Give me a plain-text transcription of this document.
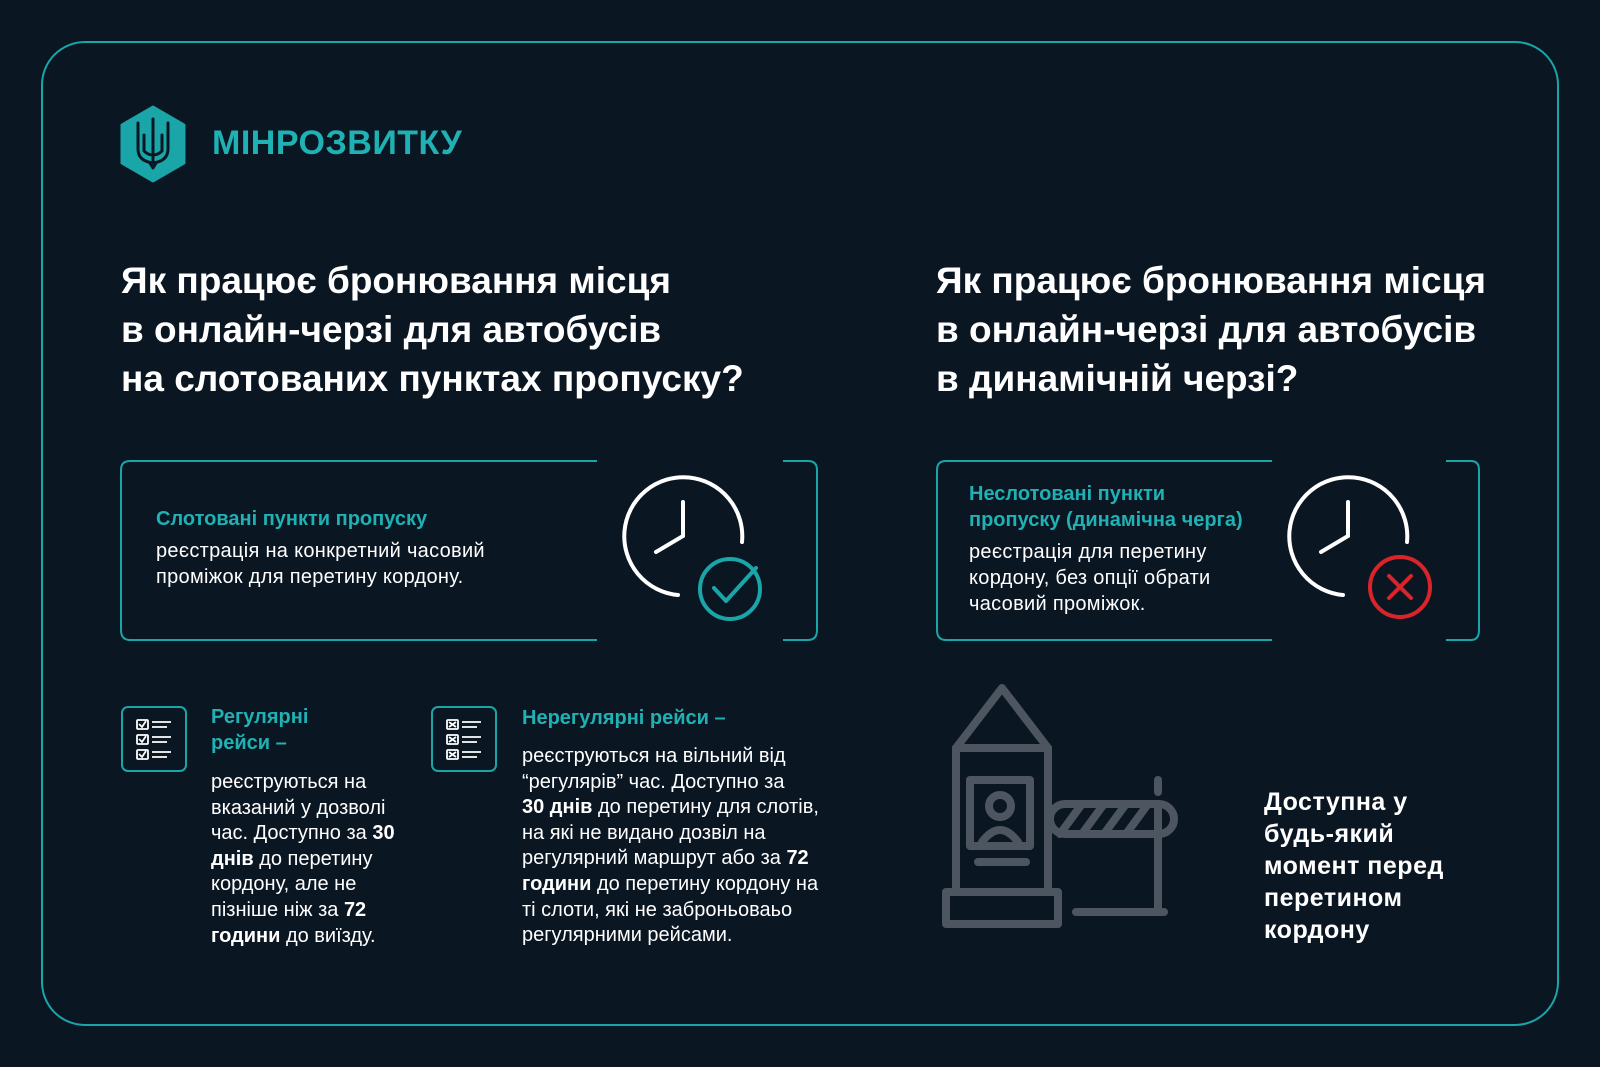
МІНРОЗВИТКУ
Як працює бронювання місця
в онлайн-черзі для автобусів
на слотованих пунктах пропуску?
Як працює бронювання місця
в онлайн-черзі для автобусів
в динамічній черзі?
Слотовані пункти пропуску
реєстрація на конкретний часовий
проміжок для перетину кордону.
Неслотовані пункти
пропуску (динамічна черга)
реєстрація для перетину
кордону, без опції обрати
часовий проміжок.
Регулярні
рейси –
реєструються на
вказаний у дозволі
час. Доступно за 30
днів до перетину
кордону, але не
пізніше ніж за 72
години до виїзду.
Нерегулярні рейси –
реєструються на вільний від
“регулярів” час. Доступно за
30 днів до перетину для слотів,
на які не видано дозвіл на
регулярний маршрут або за 72
години до перетину кордону на
ті слоти, які не заброньоваьо
регулярними рейсами.
Доступна у
будь-який
момент перед
перетином
кордону
